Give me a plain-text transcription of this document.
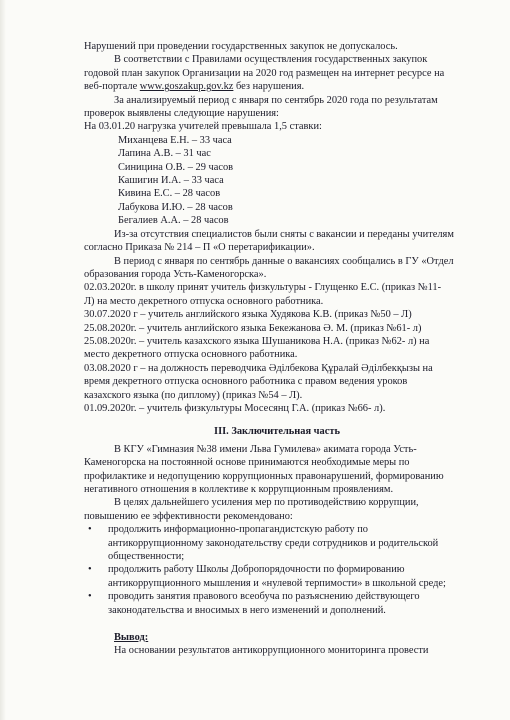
Нарушений при проведении государственных закупок не допускалось.
В соответствии с Правилами осуществления государственных закупок
годовой план закупок Организации на 2020 год размещен на интернет ресурсе на
веб-портале www.goszakup.gov.kz без нарушения.
За анализируемый период с января по сентябрь 2020 года по результатам
проверок выявлены следующие нарушения:
На 03.01.20 нагрузка учителей превышала 1,5 ставки:
Миханцева Е.Н. – 33 часа
Лапина А.В. – 31 час
Синицина О.В. – 29 часов
Кашигин И.А. – 33 часа
Кивина Е.С. – 28 часов
Лабукова И.Ю. – 28 часов
Бегалиев А.А. – 28 часов
Из-за отсутствия специалистов были сняты с вакансии и переданы учителям
согласно Приказа № 214 – П «О перетарификации».
В период с января по сентябрь данные о вакансиях сообщались в ГУ «Отдел
образования города Усть-Каменогорска».
02.03.2020г. в школу принят учитель физкультуры - Глущенко Е.С. (приказ №11-
Л) на место декретного отпуска основного работника.
30.07.2020 г – учитель английского языка Худякова К.В. (приказ №50 – Л)
25.08.2020г. – учитель английского языка Бекежанова Ә. М. (приказ №61- л)
25.08.2020г. – учитель казахского языка Шушаникова Н.А. (приказ №62- л) на
место декретного отпуска основного работника.
03.08.2020 г – на должность переводчика Әділбекова Құралай Әділбекқызы на
время декретного отпуска основного работника с правом ведения уроков
казахского языка (по диплому) (приказ №54 – Л).
01.09.2020г. – учитель физкультуры Мосесянц Г.А. (приказ №66- л).
III. Заключительная часть
В КГУ «Гимназия №38 имени Льва Гумилева» акимата города Усть-
Каменогорска на постоянной основе принимаются необходимые меры по
профилактике и недопущению коррупционных правонарушений, формированию
негативного отношения в коллективе к коррупционным проявлениям.
В целях дальнейшего усиления мер по противодействию коррупции,
повышению ее эффективности рекомендовано:
• продолжить информационно-пропагандистскую работу по
антикоррупционному законодательству среди сотрудников и родительской
общественности;
• продолжить работу Школы Добропорядочности по формированию
антикоррупционного мышления и «нулевой терпимости» в школьной среде;
• проводить занятия правового всеобуча по разъяснению действующего
законодательства и вносимых в него изменений и дополнений.
Вывод:
На основании результатов антикоррупционного мониторинга провести
